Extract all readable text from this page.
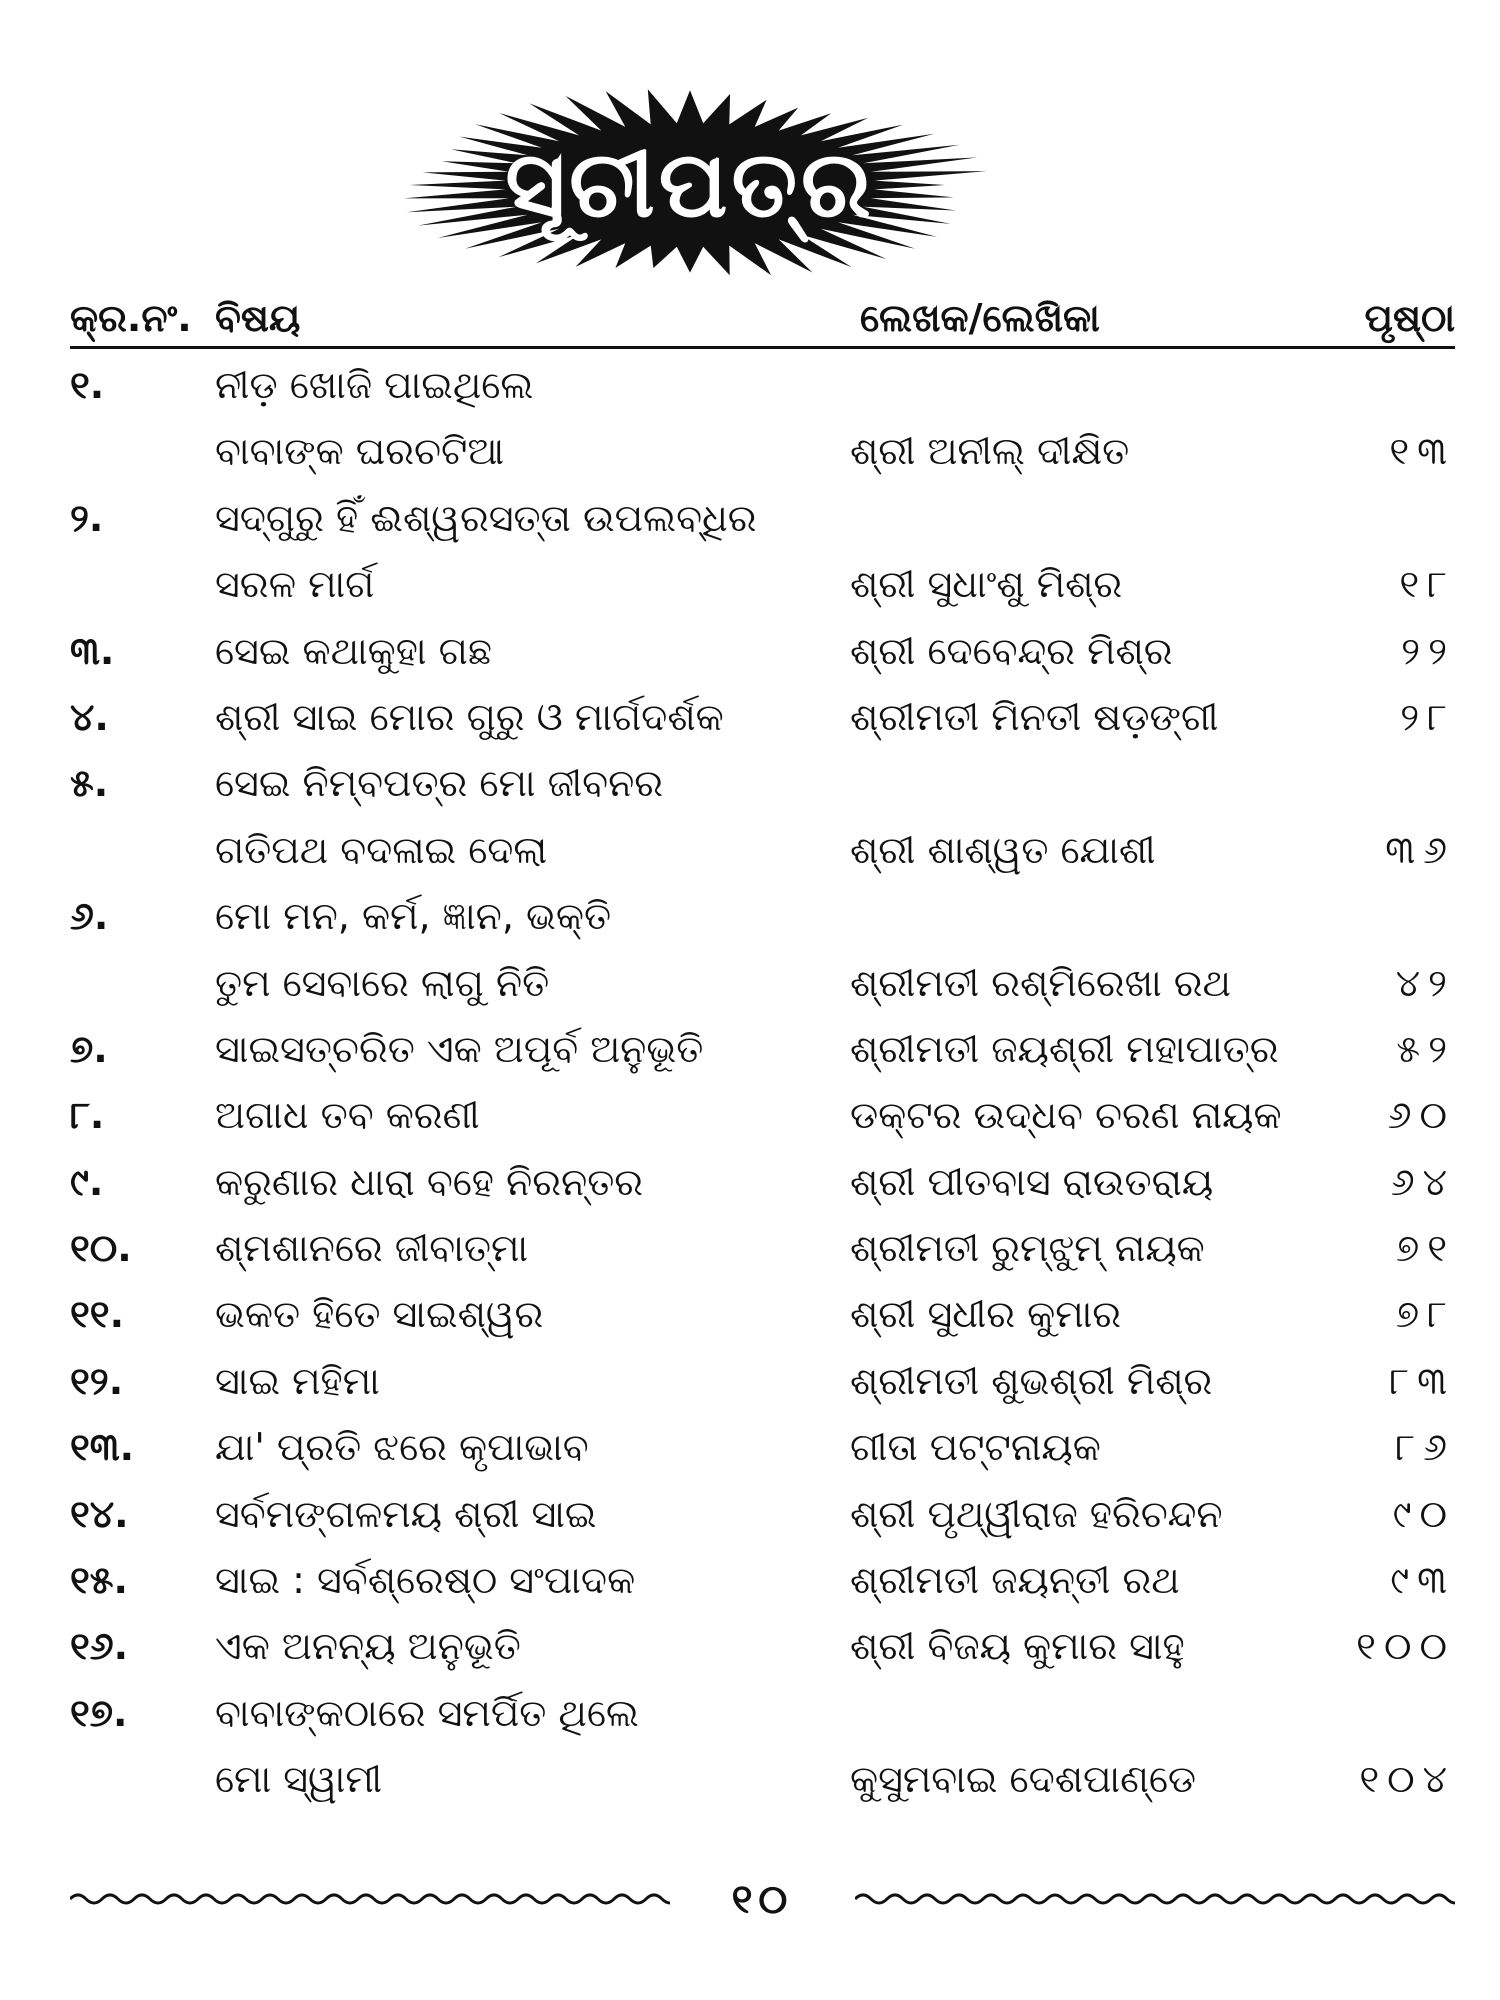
ସୂଚୀପତ୍ର
କ୍ର.ନଂ. ବିଷୟ	ଲେଖକ/ଲେଖିକା	ପୃଷ୍ଠା
୧.	ନୀଡ଼ ଖୋଜି ପାଇଥିଲେ
ବାବାଙ୍କ ଘରଚଟିଆ	ଶ୍ରୀ ଅନୀଲ୍ ଦୀକ୍ଷିତ	୧୩
୨.	ସଦ୍‌ଗୁରୁ ହିଁ ଈଶ୍ୱରସତ୍ତା ଉପଲବ୍ଧିର
ସରଳ ମାର୍ଗ	ଶ୍ରୀ ସୁଧାଂଶୁ ମିଶ୍ର	୧୮
୩.	ସେଇ କଥାକୁହା ଗଛ	ଶ୍ରୀ ଦେବେନ୍ଦ୍ର ମିଶ୍ର	୨୨
୪.	ଶ୍ରୀ ସାଇ ମୋର ଗୁରୁ ଓ ମାର୍ଗଦର୍ଶକ	ଶ୍ରୀମତୀ ମିନତୀ ଷଡ଼ଙ୍ଗୀ	୨୮
୫.	ସେଇ ନିମ୍ବପତ୍ର ମୋ ଜୀବନର
ଗତିପଥ ବଦଳାଇ ଦେଲା	ଶ୍ରୀ ଶାଶ୍ୱତ ଯୋଶୀ	୩୬
୬.	ମୋ ମନ, କର୍ମ, ଜ୍ଞାନ, ଭକ୍ତି
ତୁମ ସେବାରେ ଲାଗୁ ନିତି	ଶ୍ରୀମତୀ ରଶ୍ମିରେଖା ରଥ	୪୨
୭.	ସାଇସତ୍‌ଚରିତ ଏକ ଅପୂର୍ବ ଅନୁଭୂତି	ଶ୍ରୀମତୀ ଜୟଶ୍ରୀ ମହାପାତ୍ର	୫୨
୮.	ଅଗାଧ ତବ କରଣୀ	ଡକ୍ଟର ଉଦ୍ଧବ ଚରଣ ନାୟକ	୬୦
୯.	କରୁଣାର ଧାରା ବହେ ନିରନ୍ତର	ଶ୍ରୀ ପୀତବାସ ରାଉତରାୟ	୬୪
୧୦. ଶ୍ମଶାନରେ ଜୀବାତ୍ମା	ଶ୍ରୀମତୀ ରୁମ୍‌ଝୁମ୍ ନାୟକ	୭୧
୧୧. ଭକତ ହିତେ ସାଇଶ୍ୱର	ଶ୍ରୀ ସୁଧୀର କୁମାର	୭୮
୧୨. ସାଇ ମହିମା	ଶ୍ରୀମତୀ ଶୁଭଶ୍ରୀ ମିଶ୍ର	୮୩
୧୩. ଯା' ପ୍ରତି ଝରେ କୃପାଭାବ	ଗୀତା ପଟ୍ଟନାୟକ	୮୬
୧୪. ସର୍ବମଙ୍ଗଳମୟ ଶ୍ରୀ ସାଇ	ଶ୍ରୀ ପୃଥ୍ୱୀରାଜ ହରିଚନ୍ଦନ	୯୦
୧୫. ସାଇ : ସର୍ବଶ୍ରେଷ୍ଠ ସଂପାଦକ	ଶ୍ରୀମତୀ ଜୟନ୍ତୀ ରଥ	୯୩
୧୬. ଏକ ଅନନ୍ୟ ଅନୁଭୂତି	ଶ୍ରୀ ବିଜୟ କୁମାର ସାହୁ	୧୦୦
୧୭. ବାବାଙ୍କଠାରେ ସମର୍ପିତ ଥିଲେ
ମୋ ସ୍ୱାମୀ	କୁସୁମବାଇ ଦେଶପାଣ୍ଡେ	୧୦୪
୧୦
